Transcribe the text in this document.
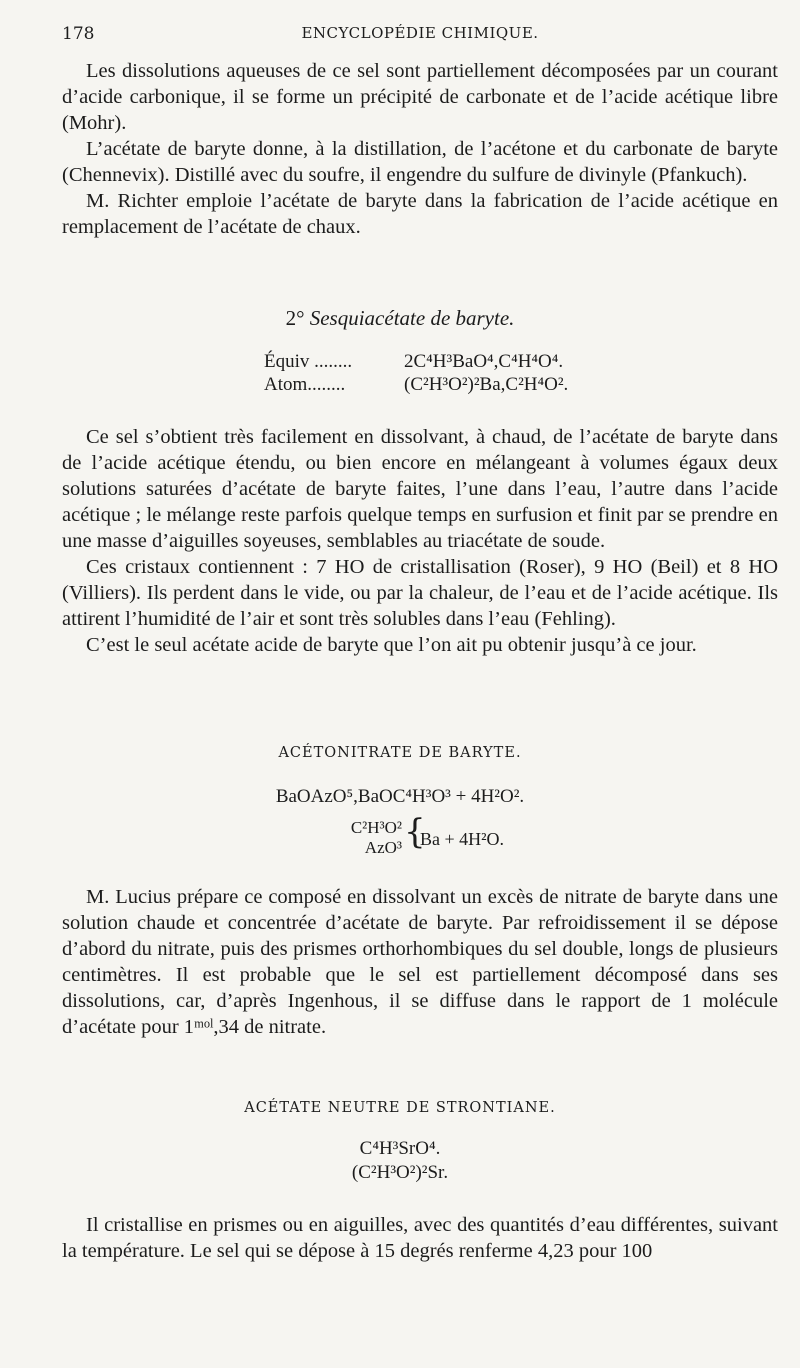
178	ENCYCLOPÉDIE CHIMIQUE.

Les dissolutions aqueuses de ce sel sont partiellement décomposées par un courant d’acide carbonique, il se forme un précipité de carbonate et de l’acide acétique libre (Mohr).

L’acétate de baryte donne, à la distillation, de l’acétone et du carbonate de baryte (Chennevix). Distillé avec du soufre, il engendre du sulfure de divinyle (Pfankuch).

M. Richter emploie l’acétate de baryte dans la fabrication de l’acide acétique en remplacement de l’acétate de chaux.

2° Sesquiacétate de baryte.
Équiv ........	2C⁴H³BaO⁴,C⁴H⁴O⁴.
Atom........	(C²H³O²)²Ba,C²H⁴O².

Ce sel s’obtient très facilement en dissolvant, à chaud, de l’acétate de baryte dans de l’acide acétique étendu, ou bien encore en mélangeant à volumes égaux deux solutions saturées d’acétate de baryte faites, l’une dans l’eau, l’autre dans l’acide acétique ; le mélange reste parfois quelque temps en surfusion et finit par se prendre en une masse d’aiguilles soyeuses, semblables au triacétate de soude.

Ces cristaux contiennent : 7 HO de cristallisation (Roser), 9 HO (Beil) et 8 HO (Villiers). Ils perdent dans le vide, ou par la chaleur, de l’eau et de l’acide acétique. Ils attirent l’humidité de l’air et sont très solubles dans l’eau (Fehling).

C’est le seul acétate acide de baryte que l’on ait pu obtenir jusqu’à ce jour.

ACÉTONITRATE DE BARYTE.
BaOAzO⁵,BaOC⁴H³O³ + 4H²O².
C²H³O²
AzO³ {
Ba + 4H²O.

M. Lucius prépare ce composé en dissolvant un excès de nitrate de baryte dans une solution chaude et concentrée d’acétate de baryte. Par refroidissement il se dépose d’abord du nitrate, puis des prismes orthorhombiques du sel double, longs de plusieurs centimètres. Il est probable que le sel est partiellement décomposé dans ses dissolutions, car, d’après Ingenhous, il se diffuse dans le rapport de 1 molécule d’acétate pour 1ᵐᵒˡ,34 de nitrate.

ACÉTATE NEUTRE DE STRONTIANE.
C⁴H³SrO⁴.
(C²H³O²)²Sr.

Il cristallise en prismes ou en aiguilles, avec des quantités d’eau différentes, suivant la température. Le sel qui se dépose à 15 degrés renferme 4,23 pour 100
